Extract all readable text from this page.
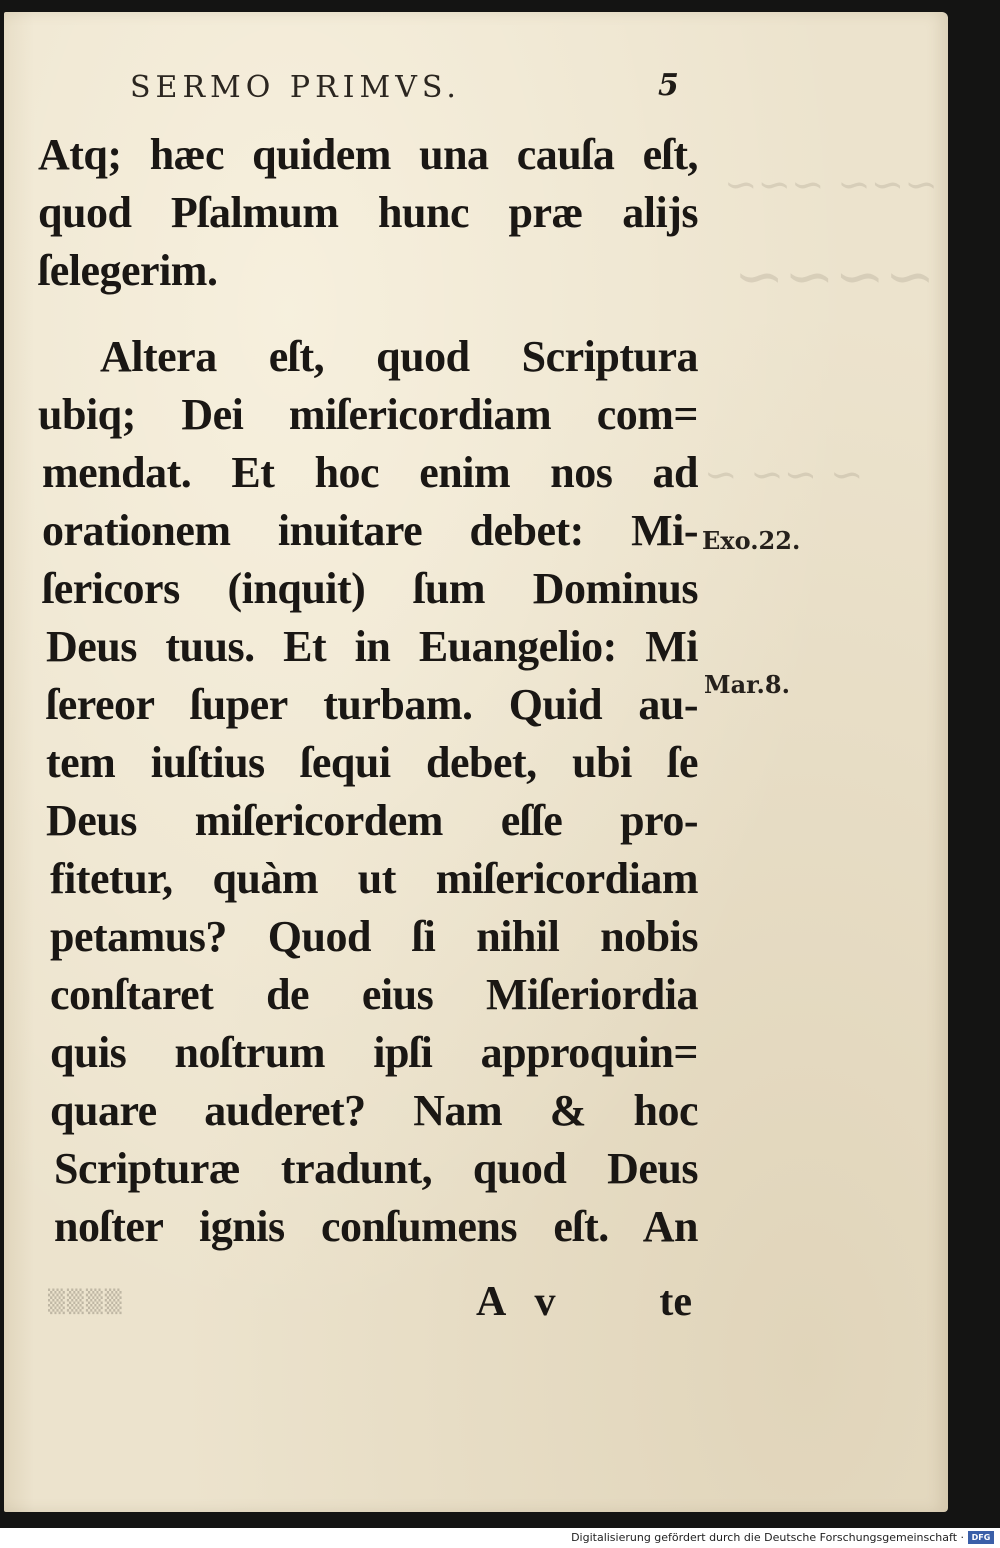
~~~ ~~~
~~~~
~ ~~ ~
SERMO PRIMVS.	5
Atq; hæc quidem una cauſa eſt,
quod Pſalmum hunc præ alijs
ſelegerim.
Altera eſt, quod Scriptura
ubiq; Dei miſericordiam com=
mendat. Et hoc enim nos ad
orationem inuitare debet: Mi-
ſericors (inquit) ſum Dominus
Deus tuus. Et in Euangelio: Mi
ſereor ſuper turbam. Quid au-
tem iuſtius ſequi debet, ubi ſe
Deus miſericordem eſſe pro-
fitetur, quàm ut miſericordiam
petamus? Quod ſi nihil nobis
conſtaret de eius Miſeriordia
quis noſtrum ipſi approquin=
quare auderet? Nam & hoc
Scripturæ tradunt, quod Deus
noſter ignis conſumens eſt. An
A v te
▒▒▒▒
Exo.22.
Mar.8.
Digitalisierung gefördert durch die Deutsche Forschungsgemeinschaft · DFG
